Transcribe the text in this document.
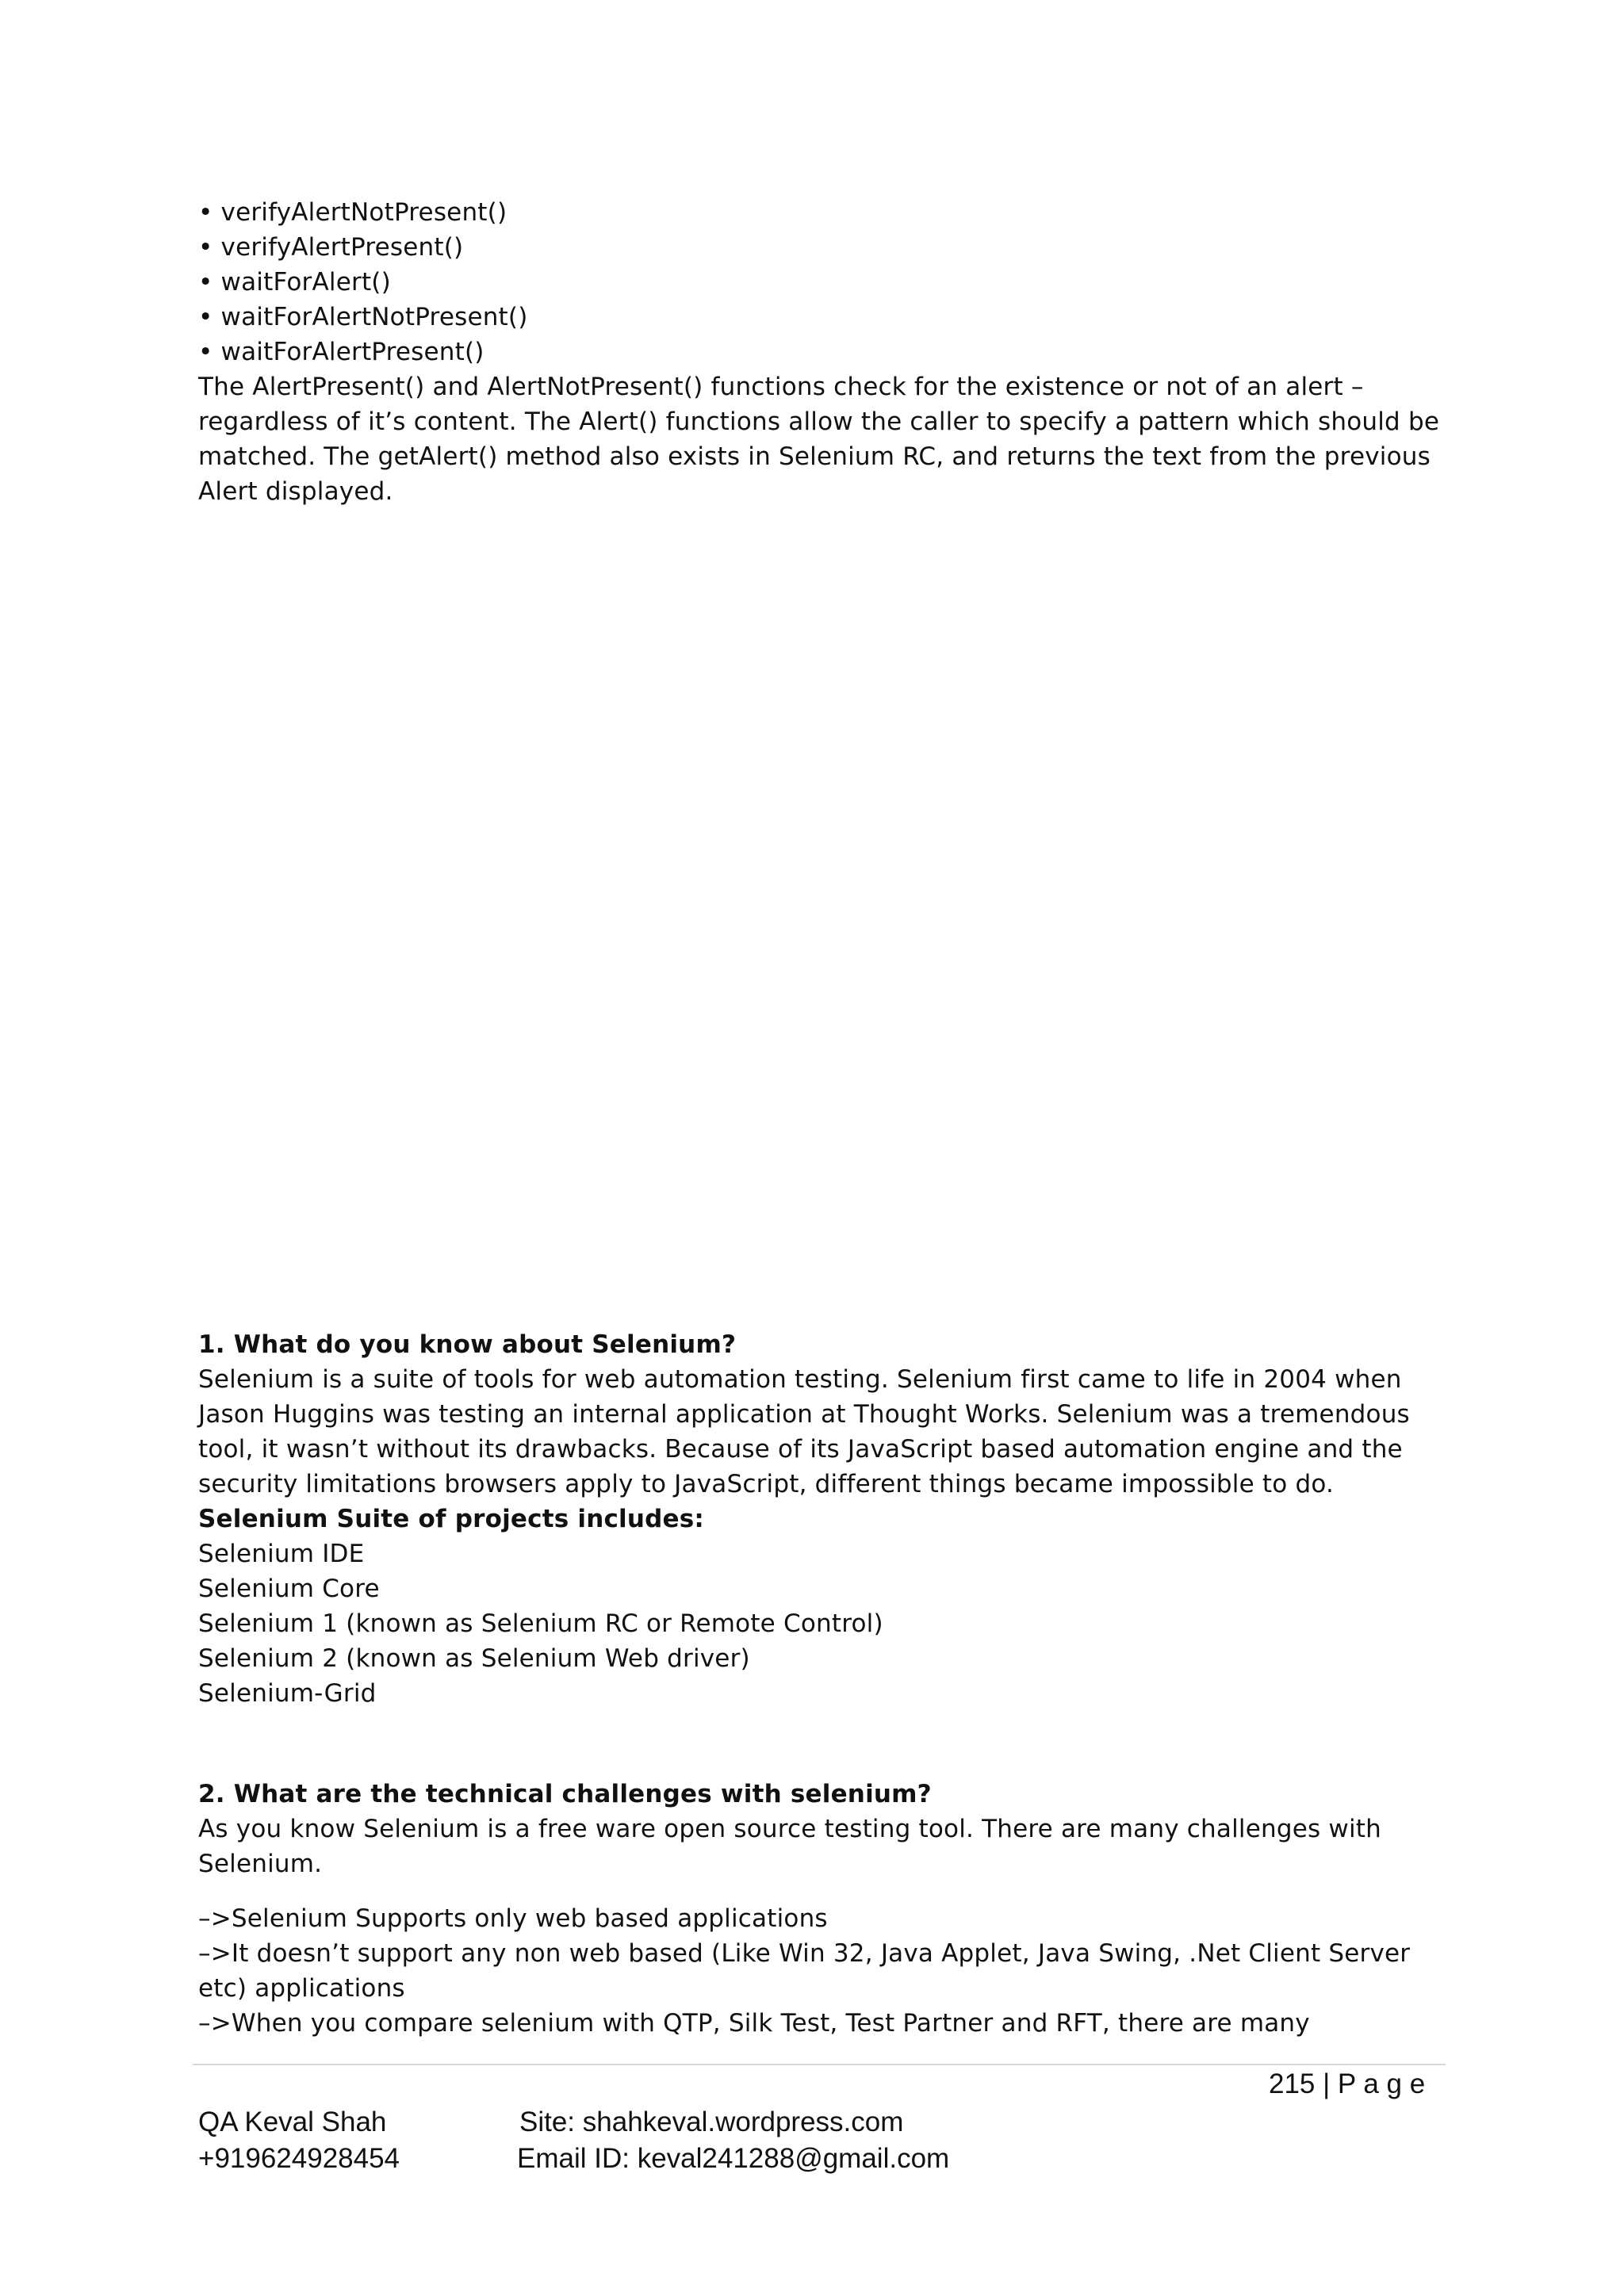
• verifyAlertNotPresent()
• verifyAlertPresent()
• waitForAlert()
• waitForAlertNotPresent()
• waitForAlertPresent()
The AlertPresent() and AlertNotPresent() functions check for the existence or not of an alert –
regardless of it’s content. The Alert() functions allow the caller to specify a pattern which should be
matched. The getAlert() method also exists in Selenium RC, and returns the text from the previous
Alert displayed.
1. What do you know about Selenium?
Selenium is a suite of tools for web automation testing. Selenium first came to life in 2004 when
Jason Huggins was testing an internal application at Thought Works. Selenium was a tremendous
tool, it wasn’t without its drawbacks. Because of its JavaScript based automation engine and the
security limitations browsers apply to JavaScript, different things became impossible to do.
Selenium Suite of projects includes:
Selenium IDE
Selenium Core
Selenium 1 (known as Selenium RC or Remote Control)
Selenium 2 (known as Selenium Web driver)
Selenium-Grid
2. What are the technical challenges with selenium?
As you know Selenium is a free ware open source testing tool. There are many challenges with
Selenium.
–>Selenium Supports only web based applications
–>It doesn’t support any non web based (Like Win 32, Java Applet, Java Swing, .Net Client Server
etc) applications
–>When you compare selenium with QTP, Silk Test, Test Partner and RFT, there are many
215 | P a g e
QA Keval Shah
+919624928454
Site: shahkeval.wordpress.com
Email ID: keval241288@gmail.com
